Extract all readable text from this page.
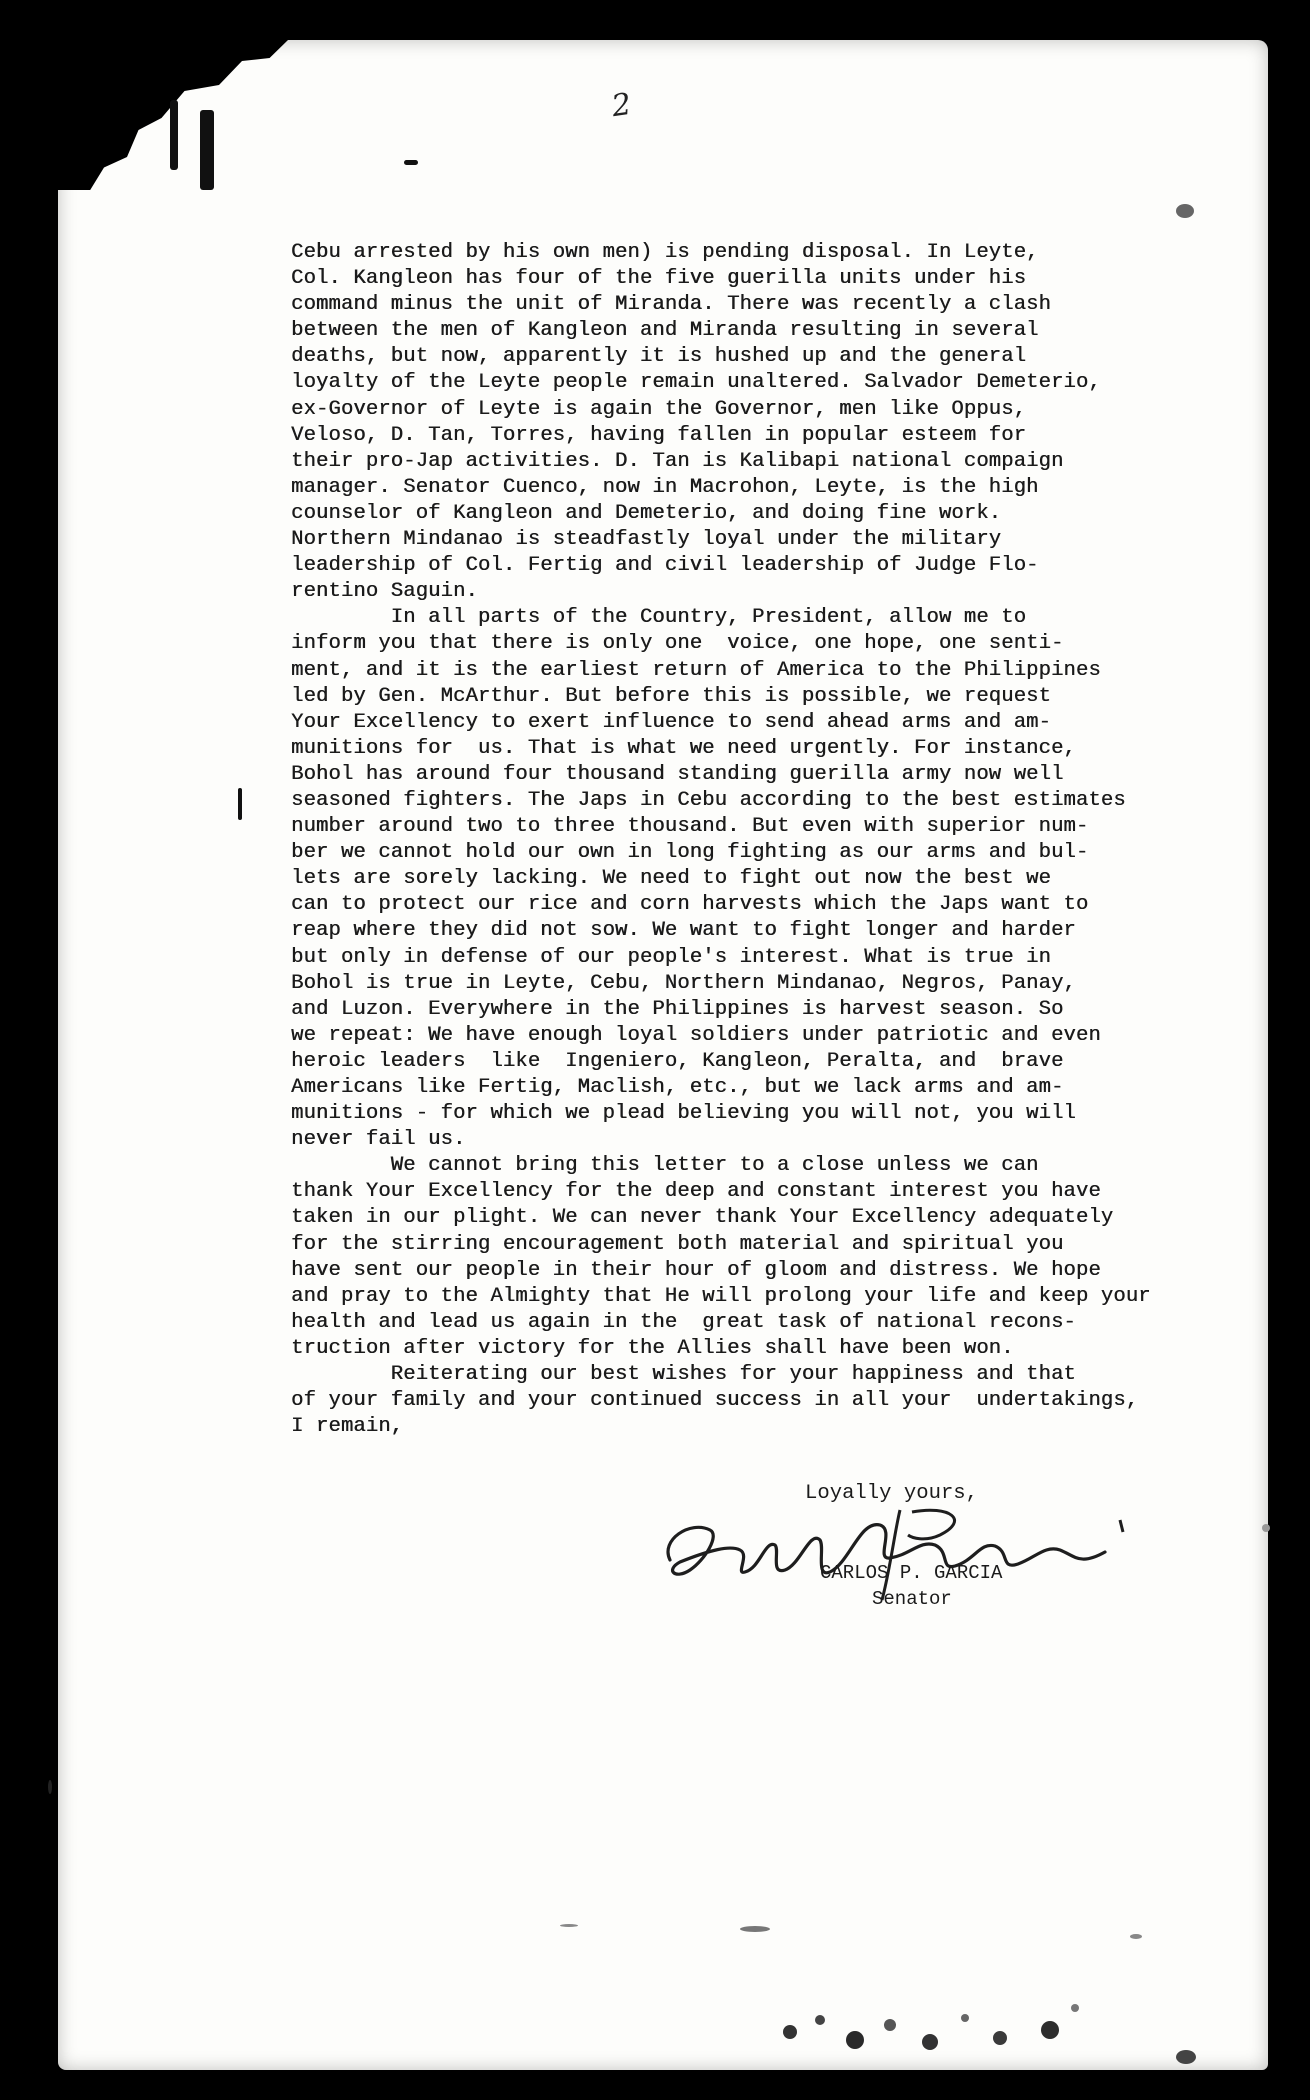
2
Cebu arrested by his own men) is pending disposal. In Leyte,
Col. Kangleon has four of the five guerilla units under his
command minus the unit of Miranda. There was recently a clash
between the men of Kangleon and Miranda resulting in several
deaths, but now, apparently it is hushed up and the general
loyalty of the Leyte people remain unaltered. Salvador Demeterio,
ex-Governor of Leyte is again the Governor, men like Oppus,
Veloso, D. Tan, Torres, having fallen in popular esteem for
their pro-Jap activities. D. Tan is Kalibapi national compaign
manager. Senator Cuenco, now in Macrohon, Leyte, is the high
counselor of Kangleon and Demeterio, and doing fine work.
Northern Mindanao is steadfastly loyal under the military
leadership of Col. Fertig and civil leadership of Judge Flo-
rentino Saguin.
In all parts of the Country, President, allow me to
inform you that there is only one  voice, one hope, one senti-
ment, and it is the earliest return of America to the Philippines
led by Gen. McArthur. But before this is possible, we request
Your Excellency to exert influence to send ahead arms and am-
munitions for  us. That is what we need urgently. For instance,
Bohol has around four thousand standing guerilla army now well
seasoned fighters. The Japs in Cebu according to the best estimates
number around two to three thousand. But even with superior num-
ber we cannot hold our own in long fighting as our arms and bul-
lets are sorely lacking. We need to fight out now the best we
can to protect our rice and corn harvests which the Japs want to
reap where they did not sow. We want to fight longer and harder
but only in defense of our people's interest. What is true in
Bohol is true in Leyte, Cebu, Northern Mindanao, Negros, Panay,
and Luzon. Everywhere in the Philippines is harvest season. So
we repeat: We have enough loyal soldiers under patriotic and even
heroic leaders  like  Ingeniero, Kangleon, Peralta, and  brave
Americans like Fertig, Maclish, etc., but we lack arms and am-
munitions - for which we plead believing you will not, you will
never fail us.
We cannot bring this letter to a close unless we can
thank Your Excellency for the deep and constant interest you have
taken in our plight. We can never thank Your Excellency adequately
for the stirring encouragement both material and spiritual you
have sent our people in their hour of gloom and distress. We hope
and pray to the Almighty that He will prolong your life and keep your
health and lead us again in the  great task of national recons-
truction after victory for the Allies shall have been won.
Reiterating our best wishes for your happiness and that
of your family and your continued success in all your  undertakings,
I remain,
Loyally yours,
CARLOS P. GARCIA
Senator
